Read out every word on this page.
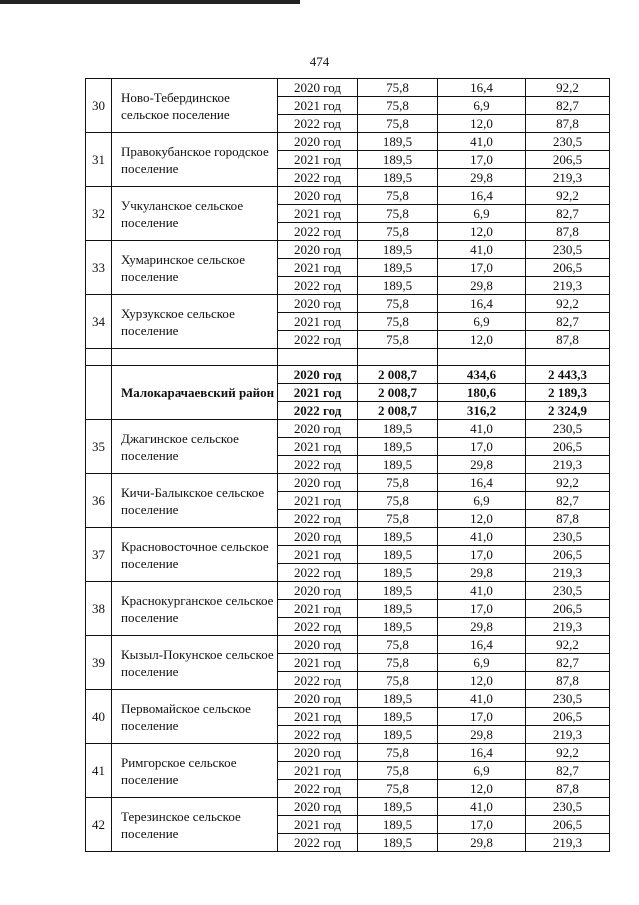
474
30	Ново-Тебердинское сельское поселение	2020 год	75,8	16,4	92,2
		2021 год	75,8	6,9	82,7
		2022 год	75,8	12,0	87,8
31	Правокубанское городское поселение	2020 год	189,5	41,0	230,5
		2021 год	189,5	17,0	206,5
		2022 год	189,5	29,8	219,3
32	Учкуланское сельское поселение	2020 год	75,8	16,4	92,2
		2021 год	75,8	6,9	82,7
		2022 год	75,8	12,0	87,8
33	Хумаринское сельское поселение	2020 год	189,5	41,0	230,5
		2021 год	189,5	17,0	206,5
		2022 год	189,5	29,8	219,3
34	Хурзукское сельское поселение	2020 год	75,8	16,4	92,2
		2021 год	75,8	6,9	82,7
		2022 год	75,8	12,0	87,8

	Малокарачаевский район	2020 год	2 008,7	434,6	2 443,3
		2021 год	2 008,7	180,6	2 189,3
		2022 год	2 008,7	316,2	2 324,9
35	Джагинское сельское поселение	2020 год	189,5	41,0	230,5
		2021 год	189,5	17,0	206,5
		2022 год	189,5	29,8	219,3
36	Кичи-Балыкское сельское поселение	2020 год	75,8	16,4	92,2
		2021 год	75,8	6,9	82,7
		2022 год	75,8	12,0	87,8
37	Красновосточное сельское поселение	2020 год	189,5	41,0	230,5
		2021 год	189,5	17,0	206,5
		2022 год	189,5	29,8	219,3
38	Краснокурганское сельское поселение	2020 год	189,5	41,0	230,5
		2021 год	189,5	17,0	206,5
		2022 год	189,5	29,8	219,3
39	Кызыл-Покунское сельское поселение	2020 год	75,8	16,4	92,2
		2021 год	75,8	6,9	82,7
		2022 год	75,8	12,0	87,8
40	Первомайское сельское поселение	2020 год	189,5	41,0	230,5
		2021 год	189,5	17,0	206,5
		2022 год	189,5	29,8	219,3
41	Римгорское сельское поселение	2020 год	75,8	16,4	92,2
		2021 год	75,8	6,9	82,7
		2022 год	75,8	12,0	87,8
42	Терезинское сельское поселение	2020 год	189,5	41,0	230,5
		2021 год	189,5	17,0	206,5
		2022 год	189,5	29,8	219,3
